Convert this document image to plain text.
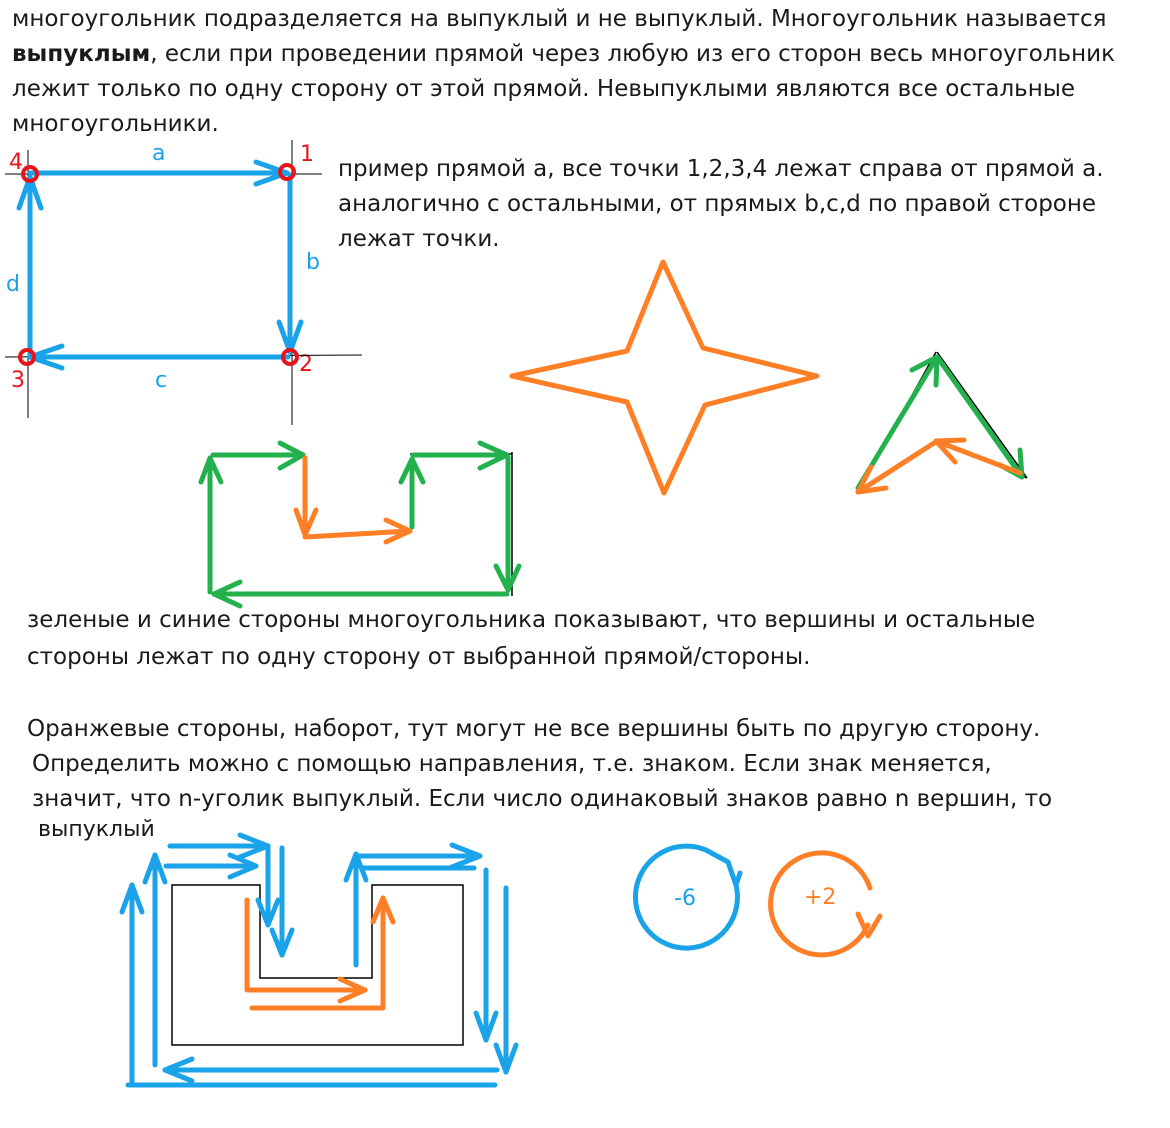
многоугольник подразделяется на выпуклый и не выпуклый. Многоугольник называется

выпуклым, если при проведении прямой через любую из его сторон весь многоугольник

лежит только по одну сторону от этой прямой. Невыпуклыми являются все остальные

многоугольники.

пример прямой а, все точки 1,2,3,4 лежат справа от прямой а.

аналогично с остальными, от прямых b,c,d по правой стороне

лежат точки.

зеленые и синие стороны многоугольника показывают, что вершины и остальные

стороны лежат по одну сторону от выбранной прямой/стороны.

Оранжевые стороны, наборот, тут могут не все вершины быть по другую сторону.

Определить можно с помощью направления, т.е. знаком. Если знак меняется,

значит, что n-уголик выпуклый. Если число одинаковый знаков равно n вершин, то

выпуклый

a
b
c
d
1
2
3
4
-6	+2
